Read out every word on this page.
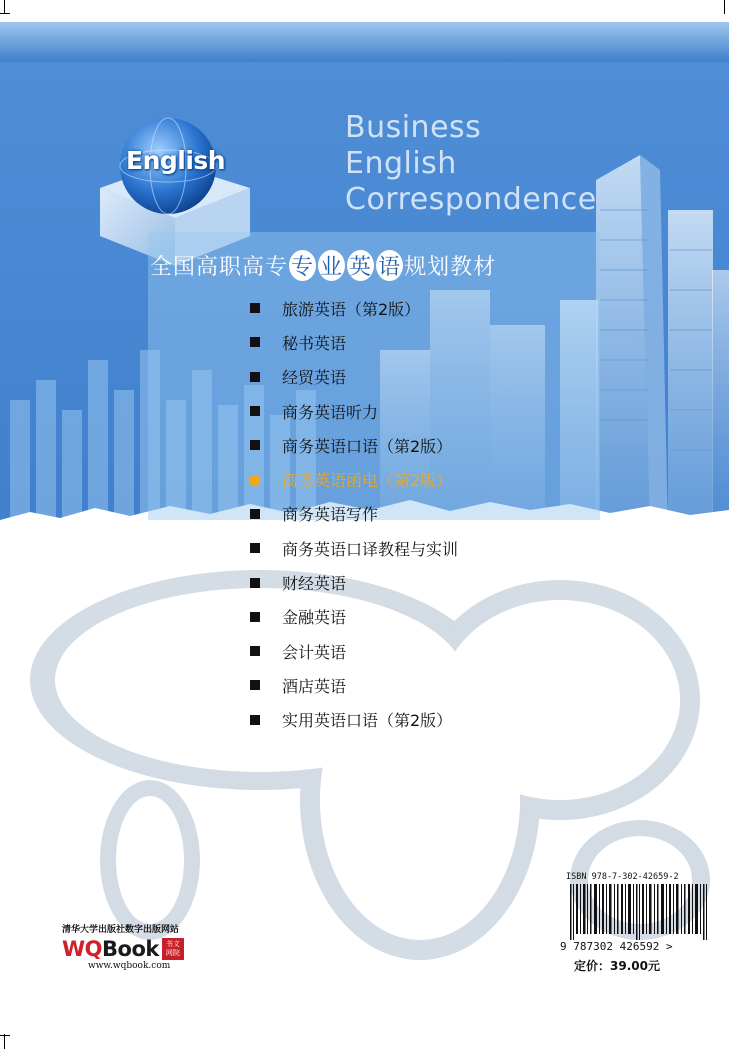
English
Business
English
Correspondence
全国高职高专 专 业 英 语 规划教材
旅游英语（第2版）
秘书英语
经贸英语
商务英语听力
商务英语口语（第2版）
商务英语函电（第2版）
商务英语写作
商务英语口译教程与实训
财经英语
金融英语
会计英语
酒店英语
实用英语口语（第2版）
清华大学出版社数字出版网站
WQBook	书文网院
www.wqbook.com
ISBN 978-7-302-42659-2
9 787302 426592 >
定价：39.00元
